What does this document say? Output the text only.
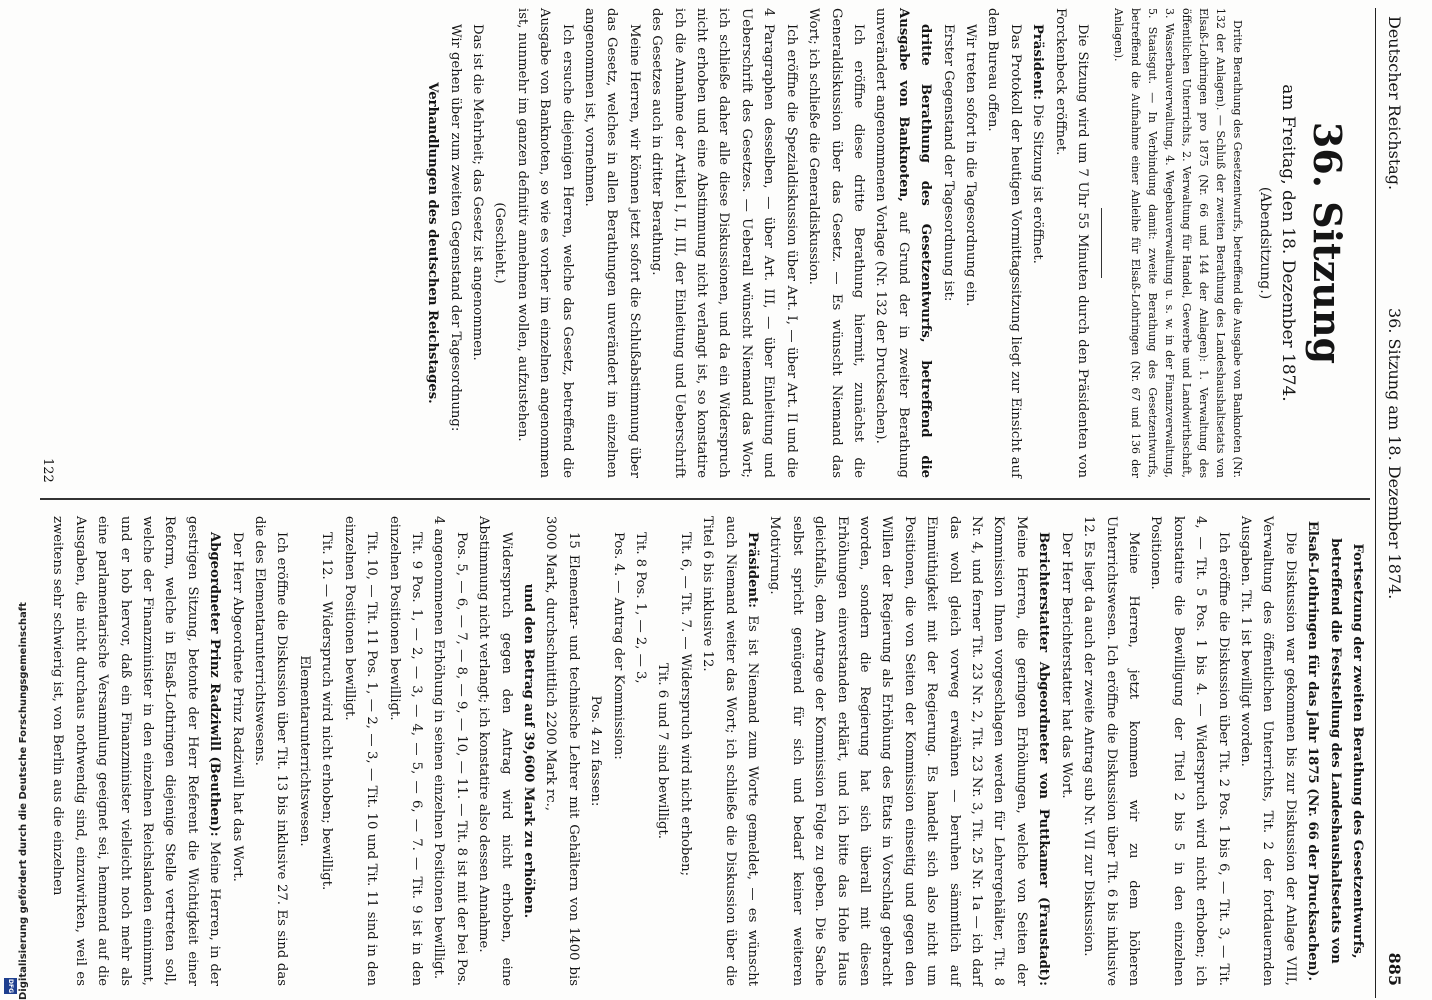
Deutscher Reichstag.
36. Sitzung am 18. Dezember 1874.
885
36. Sitzung
am Freitag, den 18. Dezember 1874.
(Abendsitzung.)

Dritte Berathung des Gesetzentwurfs, betreffend die Ausgabe von Banknoten (Nr. 132 der Anlagen). — Schluß der zweiten Berathung des Landeshaushaltsetats von Elsaß-Lothringen pro 1875 (Nr. 66 und 144 der Anlagen): 1. Verwaltung des öffentlichen Unterrichts, 2. Verwaltung für Handel, Gewerbe und Landwirthschaft, 3. Wasserbauverwaltung, 4. Wegebauverwaltung u. s. w. in der Finanzverwaltung, 5. Staatsgut. — In Verbindung damit: zweite Berathung des Gesetzentwurfs, betreffend die Aufnahme einer Anleihe für Elsaß-Lothringen (Nr. 67 und 136 der Anlagen).

Die Sitzung wird um 7 Uhr 55 Minuten durch den Präsidenten von Forckenbeck eröffnet.

Präsident: Die Sitzung ist eröffnet.

Das Protokoll der heutigen Vormittagssitzung liegt zur Einsicht auf dem Bureau offen.

Wir treten sofort in die Tagesordnung ein.

Erster Gegenstand der Tagesordnung ist:

dritte Berathung des Gesetzentwurfs, betreffend die Ausgabe von Banknoten, auf Grund der in zweiter Berathung unverändert angenommenen Vorlage (Nr. 132 der Drucksachen).

Ich eröffne diese dritte Berathung hiermit, zunächst die Generaldiskussion über das Gesetz. — Es wünscht Niemand das Wort; ich schließe die Generaldiskussion.

Ich eröffne die Spezialdiskussion über Art. I, — über Art. II und die 4 Paragraphen desselben, — über Art. III, — über Einleitung und Ueberschrift des Gesetzes. — Ueberall wünscht Niemand das Wort; ich schließe daher alle diese Diskussionen, und da ein Widerspruch nicht erhoben und eine Abstimmung nicht verlangt ist, so konstatire ich die Annahme der Artikel I, II, III, der Einleitung und Ueberschrift des Gesetzes auch in dritter Berathung.

Meine Herren, wir können jetzt sofort die Schlußabstimmung über das Gesetz, welches in allen Berathungen unverändert im einzelnen angenommen ist, vornehmen.

Ich ersuche diejenigen Herren, welche das Gesetz, betreffend die Ausgabe von Banknoten, so wie es vorher im einzelnen angenommen ist, nunmehr im ganzen definitiv annehmen wollen, aufzustehen.

(Geschieht.)

Das ist die Mehrheit; das Gesetz ist angenommen.

Wir gehen über zum zweiten Gegenstand der Tagesordnung:

Verhandlungen des deutschen Reichstages.

Fortsetzung der zweiten Berathung des Gesetzentwurfs, betreffend die Feststellung des Landeshaushaltsetats von Elsaß-Lothringen für das Jahr 1875 (Nr. 66 der Drucksachen).

Die Diskussion war gekommen bis zur Diskussion der Anlage VIII, Verwaltung des öffentlichen Unterrichts, Tit. 2 der fortdauernden Ausgaben. Tit. 1 ist bewilligt worden.

Ich eröffne die Diskussion über Tit. 2 Pos. 1 bis 6, — Tit. 3, — Tit. 4, — Tit. 5 Pos. 1 bis 4. — Widerspruch wird nicht erhoben; ich konstatire die Bewilligung der Titel 2 bis 5 in den einzelnen Positionen.

Meine Herren, jetzt kommen wir zu dem höheren Unterrichtswesen. Ich eröffne die Diskussion über Tit. 6 bis inklusive 12. Es liegt da auch der zweite Antrag sub Nr. VII zur Diskussion.

Der Herr Berichterstatter hat das Wort.

Berichterstatter Abgeordneter von Puttkamer (Fraustadt): Meine Herren, die geringen Erhöhungen, welche von Seiten der Kommission Ihnen vorgeschlagen werden für Lehrergehälter, Tit. 8 Nr. 4, und ferner Tit. 23 Nr. 2, Tit. 23 Nr. 3, Tit. 25 Nr. 1a — ich darf das wohl gleich vorweg erwähnen — beruhen sämmtlich auf Einmüthigkeit mit der Regierung. Es handelt sich also nicht um Positionen, die von Seiten der Kommission einseitig und gegen den Willen der Regierung als Erhöhung des Etats in Vorschlag gebracht worden, sondern die Regierung hat sich überall mit diesen Erhöhungen einverstanden erklärt, und ich bitte das Hohe Haus gleichfalls, dem Antrage der Kommission Folge zu geben. Die Sache selbst spricht genügend für sich und bedarf keiner weiteren Motivirung.

Präsident: Es ist Niemand zum Worte gemeldet, — es wünscht auch Niemand weiter das Wort; ich schließe die Diskussion über die Titel 6 bis inklusive 12.

Tit. 6, — Tit. 7. — Widerspruch wird nicht erhoben;

Tit. 6 und 7 sind bewilligt.

Tit. 8 Pos. 1, — 2, — 3,

Pos. 4. — Antrag der Kommission:

Pos. 4 zu fassen:

15 Elementar- und technische Lehrer mit Gehältern von 1400 bis 3000 Mark, durchschnittlich 2200 Mark rc.,

und den Betrag auf 39,600 Mark zu erhöhen.

Widerspruch gegen den Antrag wird nicht erhoben, eine Abstimmung nicht verlangt; ich konstatire also dessen Annahme.

Pos. 5, — 6, — 7, — 8, — 9, — 10, — 11. — Tit. 8 ist mit der bei Pos. 4 angenommenen Erhöhung in seinen einzelnen Positionen bewilligt.

Tit. 9 Pos. 1, — 2, — 3, — 4, — 5, — 6, — 7. — Tit. 9 ist in den einzelnen Positionen bewilligt.

Tit. 10, — Tit. 11 Pos. 1, — 2, — 3, — Tit. 10 und Tit. 11 sind in den einzelnen Positionen bewilligt.

Tit. 12. — Widerspruch wird nicht erhoben; bewilligt.

Elementarunterrichtswesen.

Ich eröffne die Diskussion über Tit. 13 bis inklusive 27. Es sind das die des Elementarunterrichtswesens.

Der Herr Abgeordnete Prinz Radziwill hat das Wort.

Abgeordneter Prinz Radziwill (Beuthen): Meine Herren, in der gestrigen Sitzung, betonte der Herr Referent die Wichtigkeit einer Reform, welche in Elsaß-Lothringen diejenige Stelle vertreten soll, welche der Finanzminister in den einzelnen Reichslanden einnimmt, und er hob hervor, daß ein Finanzminister vielleicht noch mehr als eine parlamentarische Versammlung geeignet sei, hemmend auf die Ausgaben, die nicht durchaus nothwendig sind, einzuwirken, weil es zweitens sehr schwierig ist, von Berlin aus die einzelnen

122
Digitalisierung gefördert durch die Deutsche Forschungsgemeinschaft
DFG
